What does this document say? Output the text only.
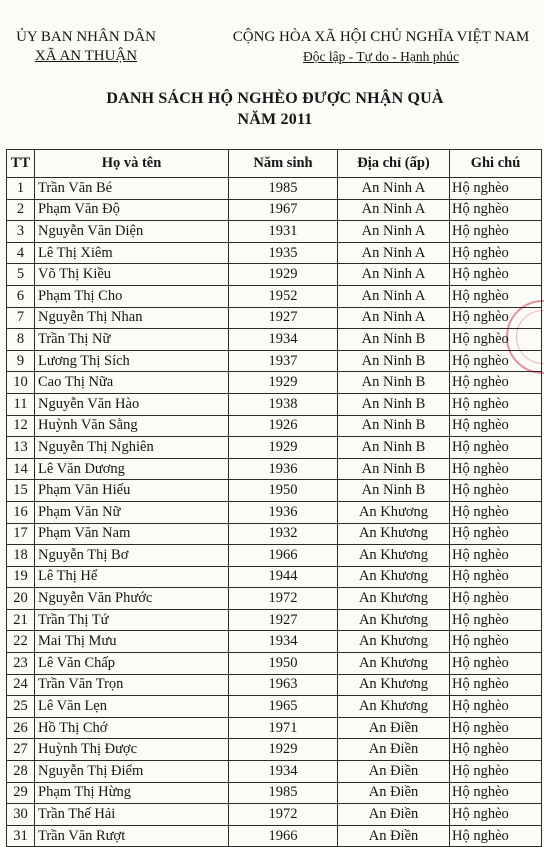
ỦY BAN NHÂN DÂN
XÃ AN THUẬN
CỘNG HÒA XÃ HỘI CHỦ NGHĨA VIỆT NAM
Độc lập - Tự do - Hạnh phúc
DANH SÁCH HỘ NGHÈO ĐƯỢC NHẬN QUÀ
NĂM 2011
TT	Họ và tên	Năm sinh	Địa chỉ (ấp)	Ghi chú
1	Trần Văn Bé	1985	An Ninh A	Hộ nghèo
2	Phạm Văn Độ	1967	An Ninh A	Hộ nghèo
3	Nguyễn Văn Diện	1931	An Ninh A	Hộ nghèo
4	Lê Thị Xiêm	1935	An Ninh A	Hộ nghèo
5	Võ Thị Kiều	1929	An Ninh A	Hộ nghèo
6	Phạm Thị Cho	1952	An Ninh A	Hộ nghèo
7	Nguyễn Thị Nhan	1927	An Ninh A	Hộ nghèo
8	Trần Thị Nữ	1934	An Ninh B	Hộ nghèo
9	Lương Thị Sích	1937	An Ninh B	Hộ nghèo
10	Cao Thị Nữa	1929	An Ninh B	Hộ nghèo
11	Nguyễn Văn Hào	1938	An Ninh B	Hộ nghèo
12	Huỳnh Văn Sằng	1926	An Ninh B	Hộ nghèo
13	Nguyễn Thị Nghiên	1929	An Ninh B	Hộ nghèo
14	Lê Văn Dương	1936	An Ninh B	Hộ nghèo
15	Phạm Văn Hiếu	1950	An Ninh B	Hộ nghèo
16	Phạm Văn Nữ	1936	An Khương	Hộ nghèo
17	Phạm Văn Nam	1932	An Khương	Hộ nghèo
18	Nguyễn Thị Bơ	1966	An Khương	Hộ nghèo
19	Lê Thị Hể	1944	An Khương	Hộ nghèo
20	Nguyễn Văn Phước	1972	An Khương	Hộ nghèo
21	Trần Thị Tứ	1927	An Khương	Hộ nghèo
22	Mai Thị Mưu	1934	An Khương	Hộ nghèo
23	Lê Văn Chấp	1950	An Khương	Hộ nghèo
24	Trần Văn Trọn	1963	An Khương	Hộ nghèo
25	Lê Văn Lẹn	1965	An Khương	Hộ nghèo
26	Hồ Thị Chớ	1971	An Điền	Hộ nghèo
27	Huỳnh Thị Được	1929	An Điền	Hộ nghèo
28	Nguyễn Thị Điểm	1934	An Điền	Hộ nghèo
29	Phạm Thị Hừng	1985	An Điền	Hộ nghèo
30	Trần Thế Hải	1972	An Điền	Hộ nghèo
31	Trần Văn Rượt	1966	An Điền	Hộ nghèo
